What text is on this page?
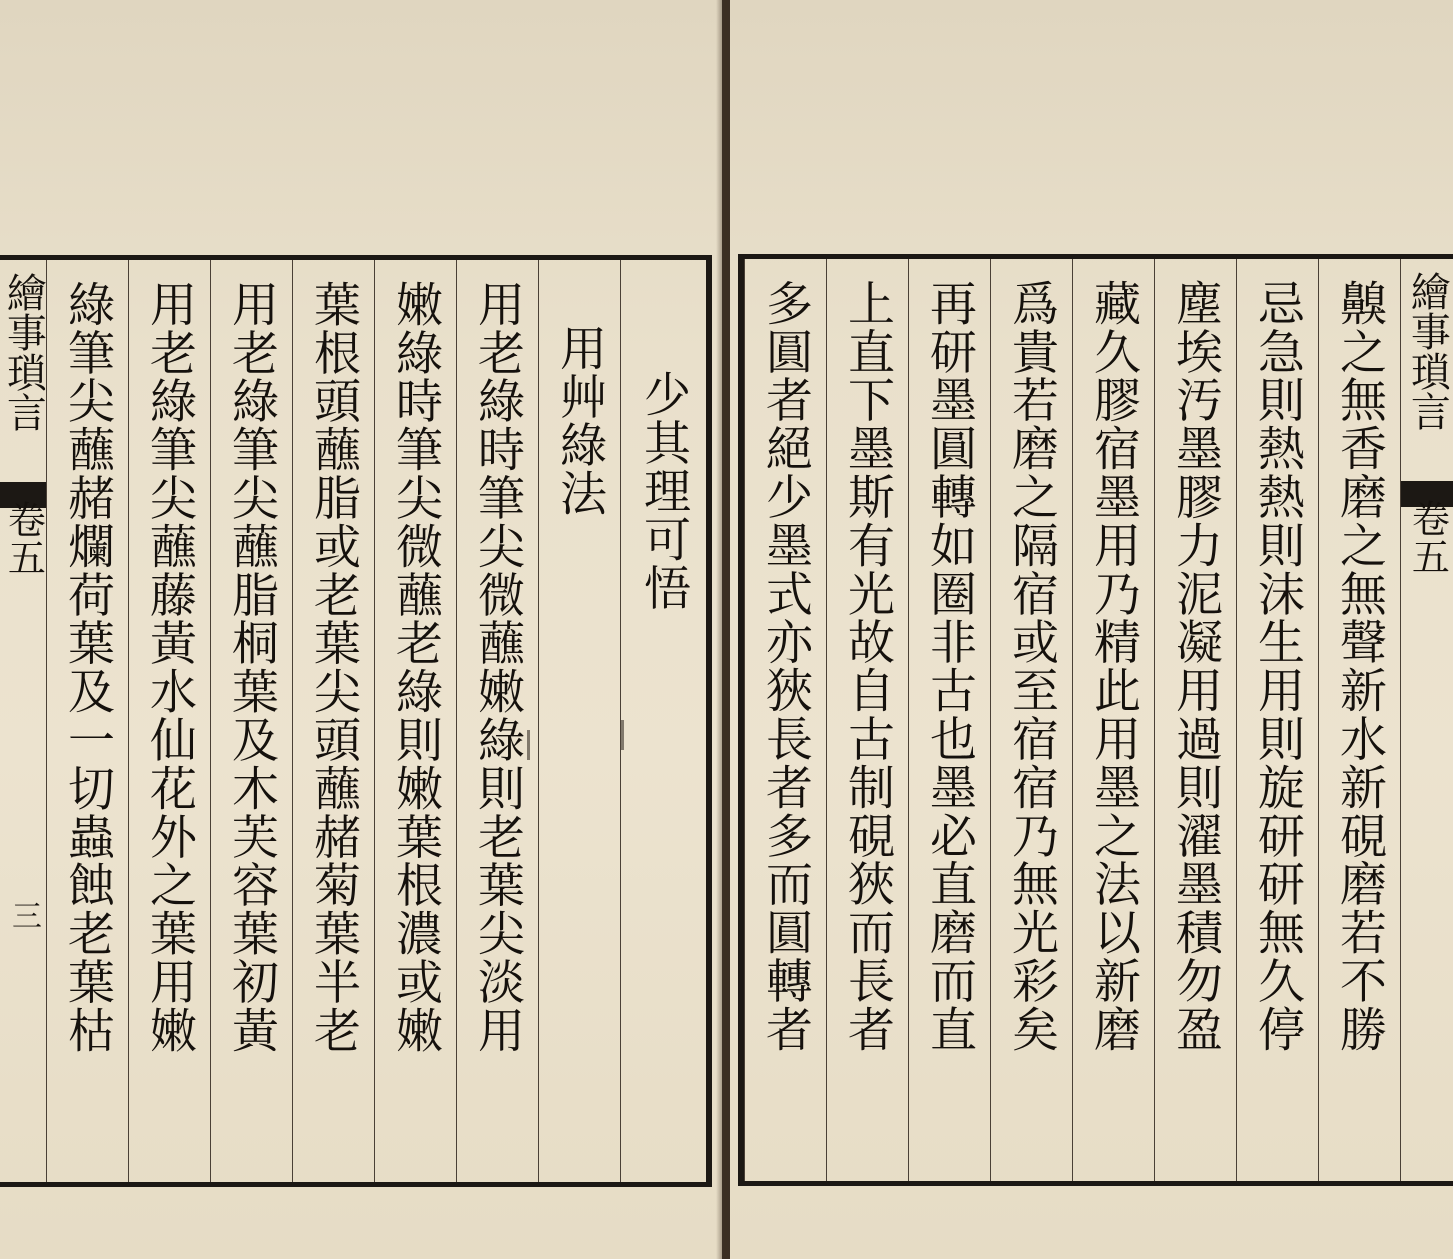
繪事瑣言
卷五
三 綠筆尖蘸赭爛荷葉及一切蟲蝕老葉枯 用老綠筆尖蘸藤黃水仙花外之葉用嫩 用老綠筆尖蘸脂桐葉及木芙容葉初黃 葉根頭蘸脂或老葉尖頭蘸赭菊葉半老 嫩綠時筆尖微蘸老綠則嫩葉根濃或嫩 用老綠時筆尖微蘸嫩綠則老葉尖淡用 用艸綠法 少其理可悟 多圓者絕少墨式亦狹長者多而圓轉者 上直下墨斯有光故自古制硯狹而長者 再研墨圓轉如圈非古也墨必直磨而直 爲貴若磨之隔宿或至宿宿乃無光彩矣 藏久膠宿墨用乃精此用墨之法以新磨 塵埃汚墨膠力泥凝用過則濯墨積勿盈 忌急則熱熱則沫生用則旋研研無久停 齅之無香磨之無聲新水新硯磨若不勝 繪事瑣言
卷五
